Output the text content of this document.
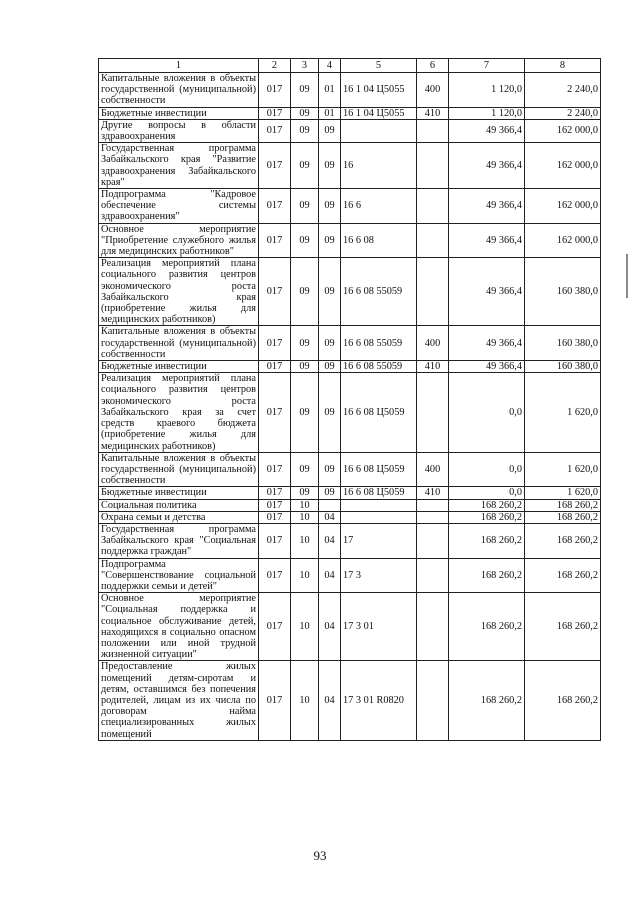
1	2	3	4	5	6	7	8
Капитальные вложения в объекты государственной (муниципальной) собственности	017	09	01	16 1 04 Ц5055	400	1 120,0	2 240,0
Бюджетные инвестиции	017	09	01	16 1 04 Ц5055	410	1 120,0	2 240,0
Другие вопросы в области здравоохранения	017	09	09			49 366,4	162 000,0
Государственная программа Забайкальского края "Развитие здравоохранения Забайкальского края"	017	09	09	16		49 366,4	162 000,0
Подпрограмма "Кадровое обеспечение системы здравоохранения"	017	09	09	16 6		49 366,4	162 000,0
Основное мероприятие "Приобретение служебного жилья для медицинских работников"	017	09	09	16 6 08		49 366,4	162 000,0
Реализация мероприятий плана социального развития центров экономического роста Забайкальского края (приобретение жилья для медицинских работников)	017	09	09	16 6 08 55059		49 366,4	160 380,0
Капитальные вложения в объекты государственной (муниципальной) собственности	017	09	09	16 6 08 55059	400	49 366,4	160 380,0
Бюджетные инвестиции	017	09	09	16 6 08 55059	410	49 366,4	160 380,0
Реализация мероприятий плана социального развития центров экономического роста Забайкальского края за счет средств краевого бюджета (приобретение жилья для медицинских работников)	017	09	09	16 6 08 Ц5059		0,0	1 620,0
Капитальные вложения в объекты государственной (муниципальной) собственности	017	09	09	16 6 08 Ц5059	400	0,0	1 620,0
Бюджетные инвестиции	017	09	09	16 6 08 Ц5059	410	0,0	1 620,0
Социальная политика	017	10				168 260,2	168 260,2
Охрана семьи и детства	017	10	04			168 260,2	168 260,2
Государственная программа Забайкальского края "Социальная поддержка граждан"	017	10	04	17		168 260,2	168 260,2
Подпрограмма "Совершенствование социальной поддержки семьи и детей"	017	10	04	17 3		168 260,2	168 260,2
Основное мероприятие "Социальная поддержка и социальное обслуживание детей, находящихся в социально опасном положении или иной трудной жизненной ситуации"	017	10	04	17 3 01		168 260,2	168 260,2
Предоставление жилых помещений детям-сиротам и детям, оставшимся без попечения родителей, лицам из их числа по договорам найма специализированных жилых помещений	017	10	04	17 3 01 R0820		168 260,2	168 260,2
93
